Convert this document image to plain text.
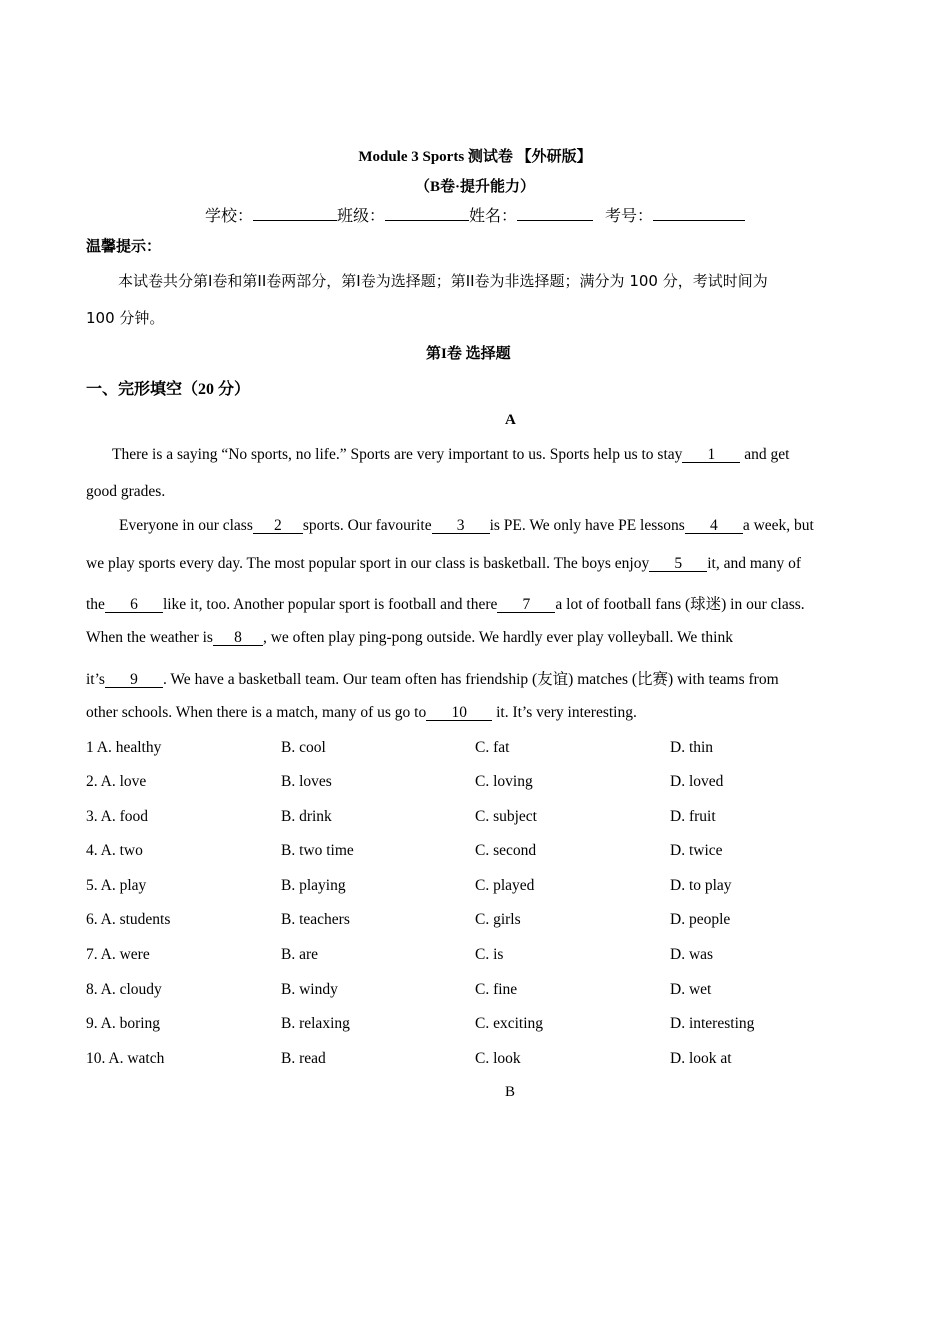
Module 3 Sports 测试卷 【外研版】
（B卷·提升能力）
学校：	班级：	姓名：	考号：
温馨提示：
本试卷共分第I卷和第II卷两部分，第I卷为选择题；第II卷为非选择题；满分为 100 分，考试时间为
100 分钟。
第I卷 选择题
一、完形填空（20 分）
A
There is a saying “No sports, no life.” Sports are very important to us. Sports help us to stay 1 and get
good grades.
Everyone in our class 2 sports. Our favourite 3 is PE. We only have PE lessons 4 a week, but
we play sports every day. The most popular sport in our class is basketball. The boys enjoy 5 it, and many of
the 6 like it, too. Another popular sport is football and there 7 a lot of football fans (球迷) in our class.
When the weather is 8 , we often play ping-pong outside. We hardly ever play volleyball. We think
it’s 9 . We have a basketball team. Our team often has friendship (友谊) matches (比赛) with teams from
other schools. When there is a match, many of us go to 10 it. It’s very interesting.
1 A. healthy	B. cool	C. fat	D. thin
2. A. love	B. loves	C. loving	D. loved
3. A. food	B. drink	C. subject	D. fruit
4. A. two	B. two time	C. second	D. twice
5. A. play	B. playing	C. played	D. to play
6. A. students	B. teachers	C. girls	D. people
7. A. were	B. are	C. is	D. was
8. A. cloudy	B. windy	C. fine	D. wet
9. A. boring	B. relaxing	C. exciting	D. interesting
10. A. watch	B. read	C. look	D. look at
B
